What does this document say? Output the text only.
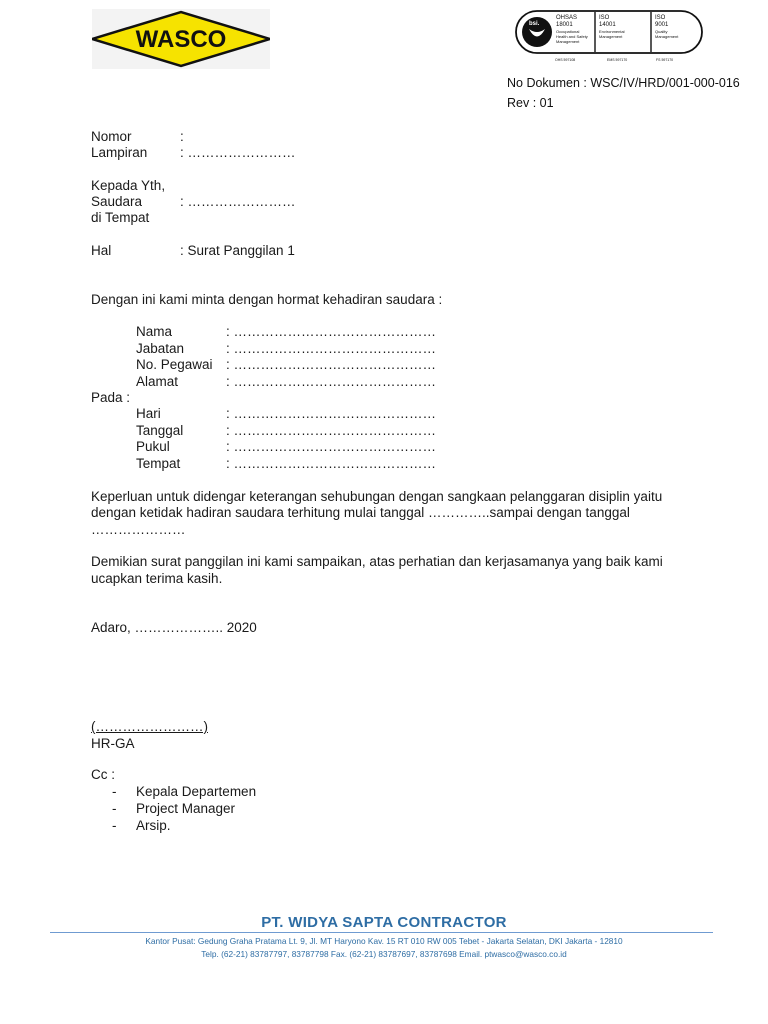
WASCO
bsi.
OHSAS
18001
Occupational
Health and Safety
Management
ISO
14001
Environmental
Management
ISO
9001
Quality
Management
OHS 597108	EMS 597170	FS 597170
No Dokumen : WSC/IV/HRD/001-000-016
Rev : 01
Nomor	:
Lampiran : ……………………
Kepada Yth,
Saudara	: ……………………
di Tempat
Hal	: Surat Panggilan 1
Dengan ini kami minta dengan hormat kehadiran saudara :
Nama	: ………………………………………
Jabatan	: ………………………………………
No. Pegawai : ………………………………………
Alamat	: ………………………………………
Pada :
Hari	: ………………………………………
Tanggal	: ………………………………………
Pukul	: ………………………………………
Tempat	: ………………………………………
Keperluan untuk didengar keterangan sehubungan dengan sangkaan pelanggaran disiplin yaitu
dengan ketidak hadiran saudara terhitung mulai tanggal …………..sampai dengan tanggal
…………………
Demikian surat panggilan ini kami sampaikan, atas perhatian dan kerjasamanya yang baik kami
ucapkan terima kasih.
Adaro, ……………….. 2020
(……………………)
HR-GA
Cc :
- Kepala Departemen
- Project Manager
- Arsip.
PT. WIDYA SAPTA CONTRACTOR
Kantor Pusat: Gedung Graha Pratama Lt. 9, Jl. MT Haryono Kav. 15 RT 010 RW 005 Tebet - Jakarta Selatan, DKI Jakarta - 12810
Telp. (62-21) 83787797, 83787798 Fax. (62-21) 83787697, 83787698 Email. ptwasco@wasco.co.id
